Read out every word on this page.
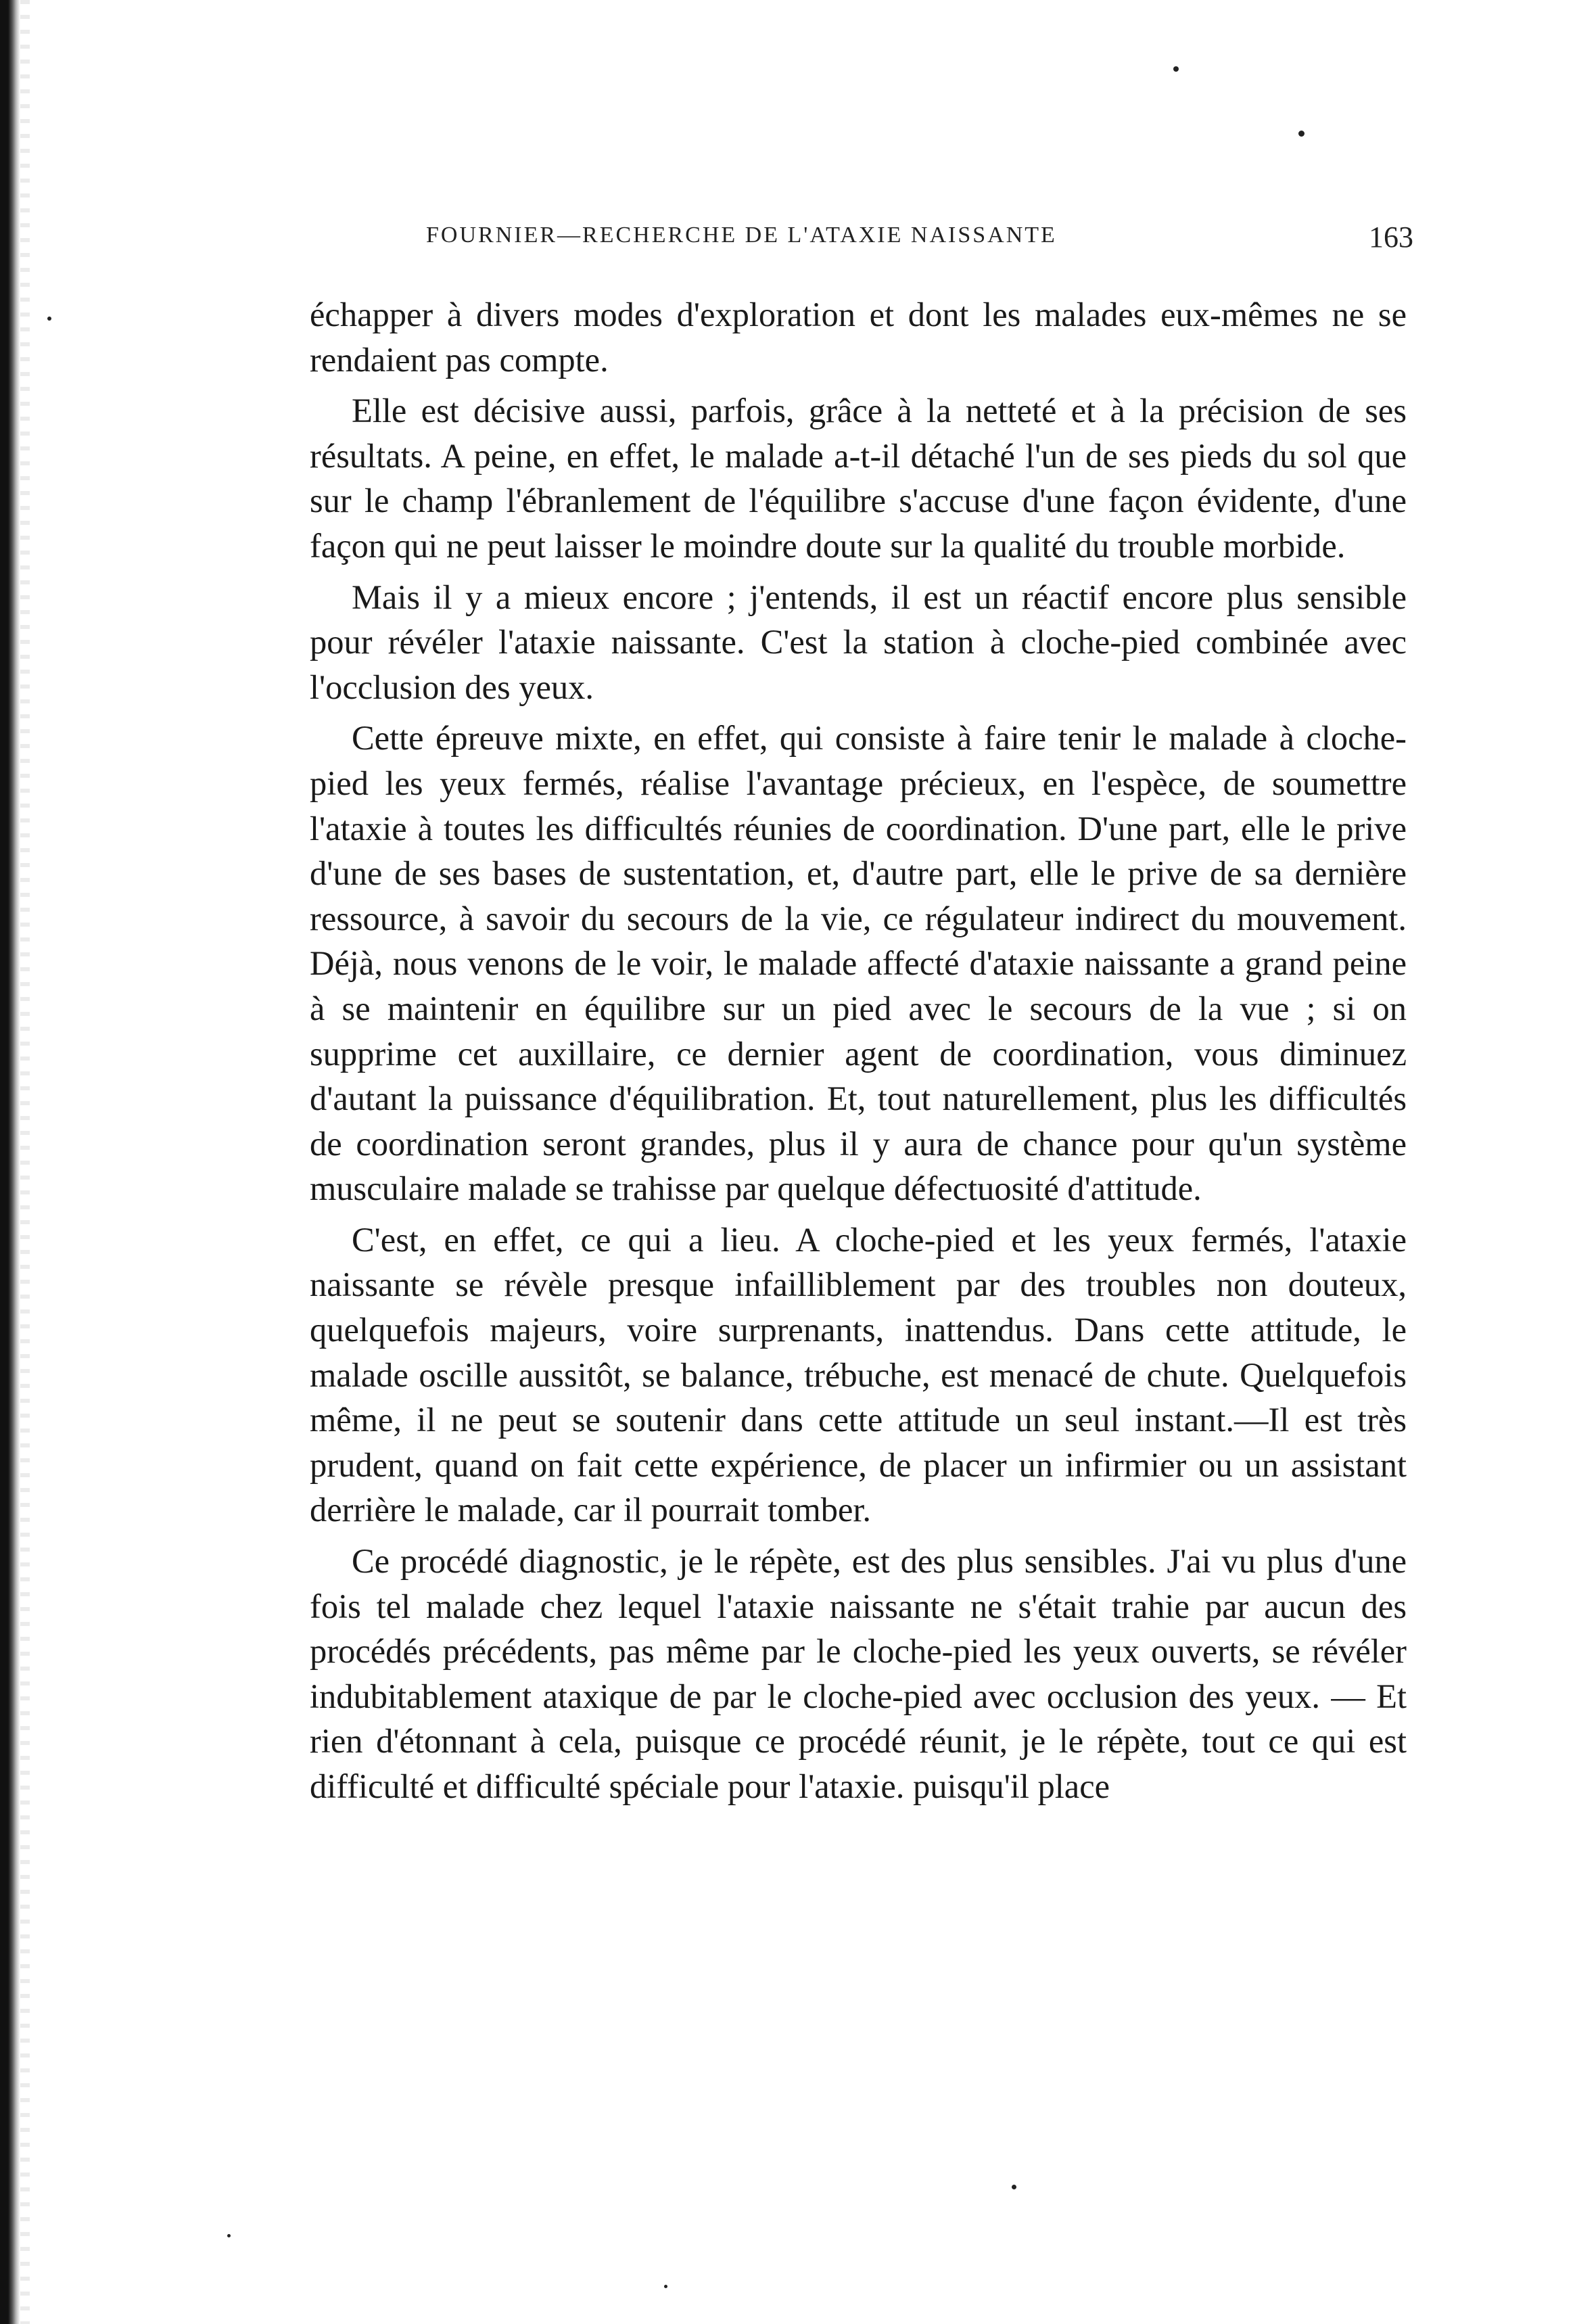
FOURNIER—RECHERCHE DE L'ATAXIE NAISSANTE	163

échapper à divers modes d'exploration et dont les malades eux-mêmes ne se rendaient pas compte.

Elle est décisive aussi, parfois, grâce à la netteté et à la précision de ses résultats. A peine, en effet, le malade a-t-il détaché l'un de ses pieds du sol que sur le champ l'ébranlement de l'équilibre s'accuse d'une façon évidente, d'une façon qui ne peut laisser le moindre doute sur la qualité du trouble morbide.

Mais il y a mieux encore ; j'entends, il est un réactif encore plus sensible pour révéler l'ataxie naissante. C'est la station à cloche-pied combinée avec l'occlusion des yeux.

Cette épreuve mixte, en effet, qui consiste à faire tenir le malade à cloche-pied les yeux fermés, réalise l'avantage précieux, en l'espèce, de soumettre l'ataxie à toutes les difficultés réunies de coordination. D'une part, elle le prive d'une de ses bases de sustentation, et, d'autre part, elle le prive de sa dernière ressource, à savoir du secours de la vie, ce régulateur indirect du mouvement. Déjà, nous venons de le voir, le malade affecté d'ataxie naissante a grand peine à se maintenir en équilibre sur un pied avec le secours de la vue ; si on supprime cet auxillaire, ce dernier agent de coordination, vous diminuez d'autant la puissance d'équilibration. Et, tout naturellement, plus les difficultés de coordination seront grandes, plus il y aura de chance pour qu'un système musculaire malade se trahisse par quelque défectuosité d'attitude.

C'est, en effet, ce qui a lieu. A cloche-pied et les yeux fermés, l'ataxie naissante se révèle presque infailliblement par des troubles non douteux, quelquefois majeurs, voire surprenants, inattendus. Dans cette attitude, le malade oscille aussitôt, se balance, trébuche, est menacé de chute. Quelquefois même, il ne peut se soutenir dans cette attitude un seul instant.—Il est très prudent, quand on fait cette expérience, de placer un infirmier ou un assistant derrière le malade, car il pourrait tomber.

Ce procédé diagnostic, je le répète, est des plus sensibles. J'ai vu plus d'une fois tel malade chez lequel l'ataxie naissante ne s'était trahie par aucun des procédés précédents, pas même par le cloche-pied les yeux ouverts, se révéler indubitablement ataxique de par le cloche-pied avec occlusion des yeux. — Et rien d'étonnant à cela, puisque ce procédé réunit, je le répète, tout ce qui est difficulté et difficulté spéciale pour l'ataxie. puisqu'il place
